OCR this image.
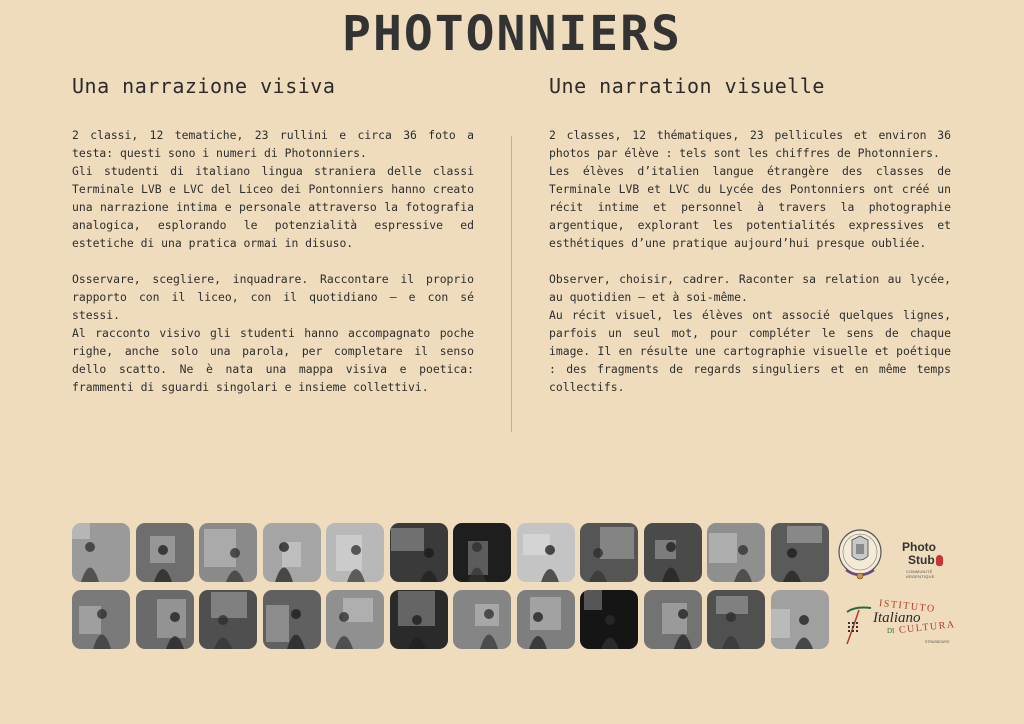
PHOTONNIERS
Una narrazione visiva

2 classi, 12 tematiche, 23 rullini e circa 36 foto a testa: questi sono i numeri di Photonniers.

Gli studenti di italiano lingua straniera delle classi Terminale LVB e LVC del Liceo dei Pontonniers hanno creato una narrazione intima e personale attraverso la fotografia analogica, esplorando le potenzialità espressive ed estetiche di una pratica ormai in disuso.

Osservare, scegliere, inquadrare. Raccontare il proprio rapporto con il liceo, con il quotidiano – e con sé stessi.

Al racconto visivo gli studenti hanno accompagnato poche righe, anche solo una parola, per completare il senso dello scatto. Ne è nata una mappa visiva e poetica: frammenti di sguardi singolari e insieme collettivi.

Une narration visuelle

2 classes, 12 thématiques, 23 pellicules et environ 36 photos par élève : tels sont les chiffres de Photonniers.

Les élèves d’italien langue étrangère des classes de Terminale LVB et LVC du Lycée des Pontonniers ont créé un récit intime et personnel à travers la photographie argentique, explorant les potentialités expressives et esthétiques d’une pratique aujourd’hui presque oubliée.

Observer, choisir, cadrer. Raconter sa relation au lycée, au quotidien – et à soi-même.

Au récit visuel, les élèves ont associé quelques lignes, parfois un seul mot, pour compléter le sens de chaque image. Il en résulte une cartographie visuelle et poétique : des fragments de regards singuliers et en même temps collectifs.

Photo
Stub
COMMUNITÉ ARGENTIQUE
ISTITUTO
Italiano
DI CULTURA
STRASBOURG
